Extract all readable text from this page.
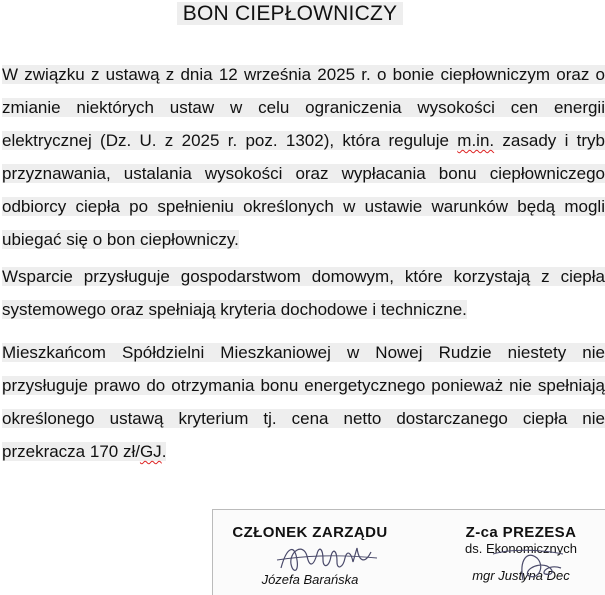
BON CIEPŁOWNICZY
W związku z ustawą z dnia 12 września 2025 r. o bonie ciepłowniczym oraz o zmianie niektórych ustaw w celu ograniczenia wysokości cen energii elektrycznej (Dz. U. z 2025 r. poz. 1302), która reguluje m.in. zasady i tryb przyznawania, ustalania wysokości oraz wypłacania bonu ciepłowniczego odbiorcy ciepła po spełnieniu określonych w ustawie warunków będą mogli ubiegać się o bon ciepłowniczy.
Wsparcie przysługuje gospodarstwom domowym, które korzystają z ciepła systemowego oraz spełniają kryteria dochodowe i techniczne.
Mieszkańcom Spółdzielni Mieszkaniowej w Nowej Rudzie niestety nie przysługuje prawo do otrzymania bonu energetycznego ponieważ nie spełniają określonego ustawą kryterium tj. cena netto dostarczanego ciepła nie przekracza 170 zł/GJ.
CZŁONEK ZARZĄDU
Józefa Barańska
Z-ca PREZESA
ds. Ekonomicznych
mgr Justyna Dec
